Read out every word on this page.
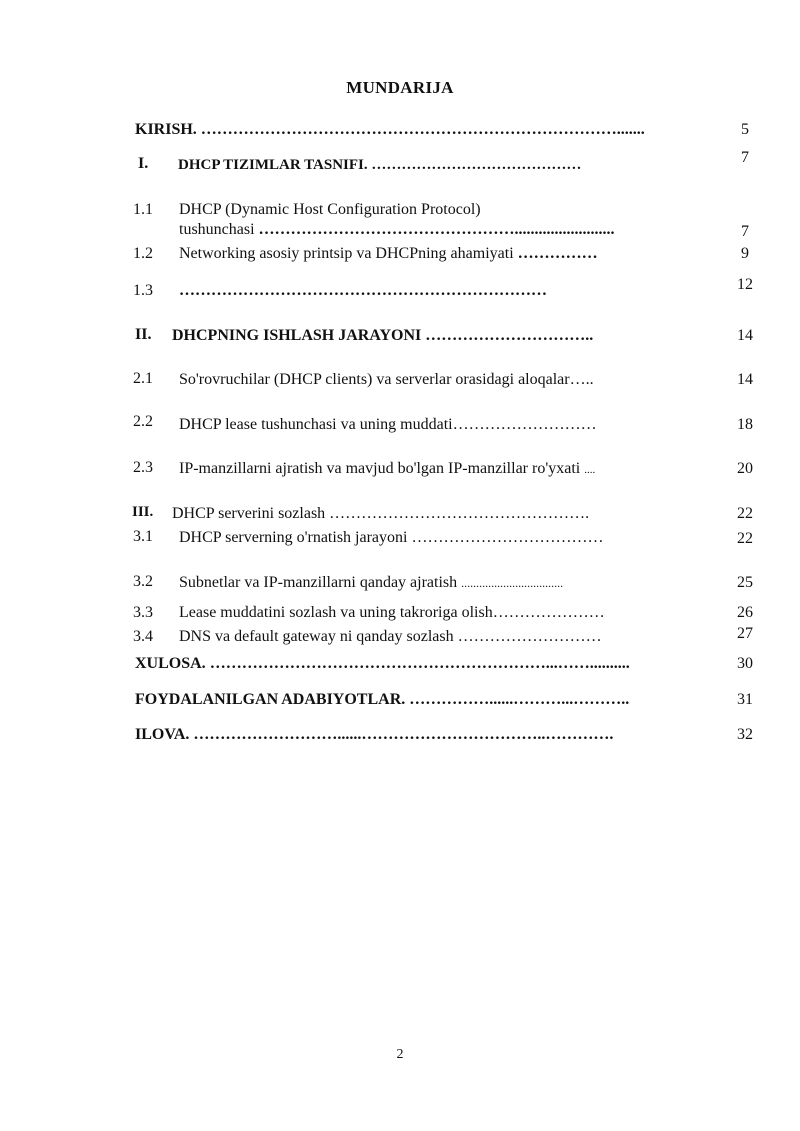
MUNDARIJA
KIRISH. …………………………………………………………………….......	5
I. DHCP TIZIMLAR TASNIFI. ……………………………………	7
1.1 DHCP (Dynamic Host Configuration Protocol)
tushunchasi ………………………………………….........................	7
1.2 Networking asosiy printsip va DHCPning ahamiyati ……………	9
1.3 ……………………………………………………………	12
II. DHCPNING ISHLASH JARAYONI …………………………..	14
2.1 So'rovruchilar (DHCP clients) va serverlar orasidagi aloqalar…..	14
2.2 DHCP lease tushunchasi va uning muddati………………………	18
2.3 IP-manzillarni ajratish va mavjud bo'lgan IP-manzillar ro'yxati ....	20
III. DHCP serverini sozlash ………………………………………….	22
3.1 DHCP serverning o'rnatish jarayoni ………………………………	22
3.2 Subnetlar va IP-manzillarni qanday ajratish ..................................	25
3.3 Lease muddatini sozlash va uning takroriga olish…………………	26
3.4 DNS va default gateway ni qanday sozlash ………………………	27
XULOSA. ………………………………………………………...……..........	30
FOYDALANILGAN ADABIYOTLAR. ……………......………...………..	31
ILOVA. ………………………......……………………………..………….	32
2
